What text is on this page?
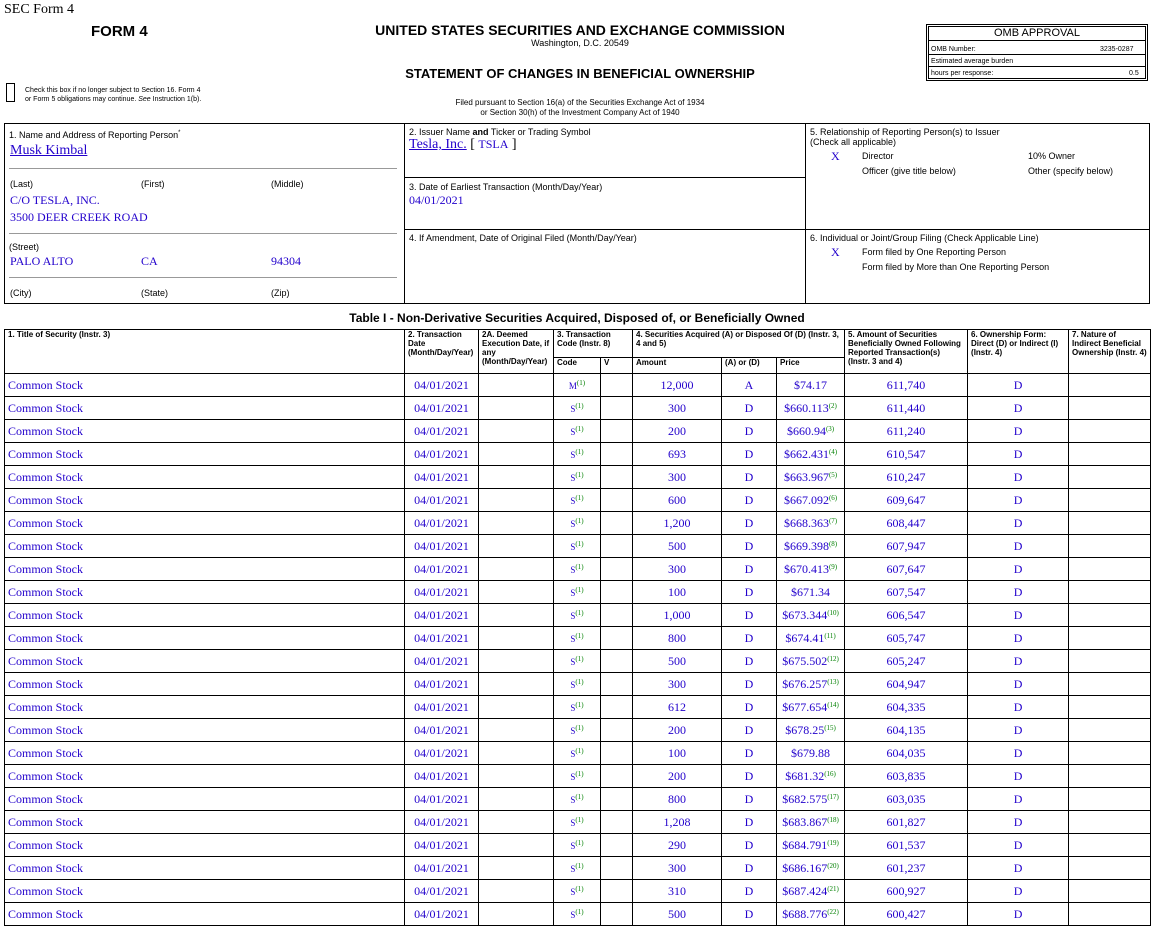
SEC Form 4
FORM 4	UNITED STATES SECURITIES AND EXCHANGE COMMISSION
Washington, D.C. 20549
STATEMENT OF CHANGES IN BENEFICIAL OWNERSHIP
Check this box if no longer subject to Section 16. Form 4
or Form 5 obligations may continue. See Instruction 1(b).	Filed pursuant to Section 16(a) of the Securities Exchange Act of 1934
or Section 30(h) of the Investment Company Act of 1940
OMB APPROVAL
OMB Number:	3235-0287
Estimated average burden
hours per response:	0.5
1. Name and Address of Reporting Person*
Musk Kimbal
(Last)	(First)	(Middle)
C/O TESLA, INC.
3500 DEER CREEK ROAD
(Street)
PALO ALTO	CA	94304
(City)	(State)	(Zip)
2. Issuer Name and Ticker or Trading Symbol
Tesla, Inc. [ TSLA ]
3. Date of Earliest Transaction (Month/Day/Year)
04/01/2021
4. If Amendment, Date of Original Filed (Month/Day/Year)
5. Relationship of Reporting Person(s) to Issuer
(Check all applicable)
X Director	10% Owner
Officer (give title below)	Other (specify below)
6. Individual or Joint/Group Filing (Check Applicable Line)
X Form filed by One Reporting Person
Form filed by More than One Reporting Person
Table I - Non-Derivative Securities Acquired, Disposed of, or Beneficially Owned
1. Title of Security (Instr. 3)	2. Transaction Date (Month/Day/Year)	2A. Deemed Execution Date, if any (Month/Day/Year)	3. Transaction Code (Instr. 8)		4. Securities Acquired (A) or Disposed Of (D) (Instr. 3, 4 and 5)			5. Amount of Securities Beneficially Owned Following Reported Transaction(s) (Instr. 3 and 4)	6. Ownership Form: Direct (D) or Indirect (I) (Instr. 4)	7. Nature of Indirect Beneficial Ownership (Instr. 4)
			Code	V	Amount	(A) or (D)	Price			
Common Stock	04/01/2021		$M^{(1)}$		12,000	A	$74.17	611,740	D	
Common Stock	04/01/2021		$S^{(1)}$		300	D	$660.113$^{(2)}$	611,440	D	
Common Stock	04/01/2021		$S^{(1)}$		200	D	$660.94$^{(3)}$	611,240	D	
Common Stock	04/01/2021		$S^{(1)}$		693	D	$662.431$^{(4)}$	610,547	D	
Common Stock	04/01/2021		$S^{(1)}$		300	D	$663.967$^{(5)}$	610,247	D	
Common Stock	04/01/2021		$S^{(1)}$		600	D	$667.092$^{(6)}$	609,647	D	
Common Stock	04/01/2021		$S^{(1)}$		1,200	D	$668.363$^{(7)}$	608,447	D	
Common Stock	04/01/2021		$S^{(1)}$		500	D	$669.398$^{(8)}$	607,947	D	
Common Stock	04/01/2021		$S^{(1)}$		300	D	$670.413$^{(9)}$	607,647	D	
Common Stock	04/01/2021		$S^{(1)}$		100	D	$671.34	607,547	D	
Common Stock	04/01/2021		$S^{(1)}$		1,000	D	$673.344$^{(10)}$	606,547	D	
Common Stock	04/01/2021		$S^{(1)}$		800	D	$674.41$^{(11)}$	605,747	D	
Common Stock	04/01/2021		$S^{(1)}$		500	D	$675.502$^{(12)}$	605,247	D	
Common Stock	04/01/2021		$S^{(1)}$		300	D	$676.257$^{(13)}$	604,947	D	
Common Stock	04/01/2021		$S^{(1)}$		612	D	$677.654$^{(14)}$	604,335	D	
Common Stock	04/01/2021		$S^{(1)}$		200	D	$678.25$^{(15)}$	604,135	D	
Common Stock	04/01/2021		$S^{(1)}$		100	D	$679.88	604,035	D	
Common Stock	04/01/2021		$S^{(1)}$		200	D	$681.32$^{(16)}$	603,835	D	
Common Stock	04/01/2021		$S^{(1)}$		800	D	$682.575$^{(17)}$	603,035	D	
Common Stock	04/01/2021		$S^{(1)}$		1,208	D	$683.867$^{(18)}$	601,827	D	
Common Stock	04/01/2021		$S^{(1)}$		290	D	$684.791$^{(19)}$	601,537	D	
Common Stock	04/01/2021		$S^{(1)}$		300	D	$686.167$^{(20)}$	601,237	D	
Common Stock	04/01/2021		$S^{(1)}$		310	D	$687.424$^{(21)}$	600,927	D	
Common Stock	04/01/2021		$S^{(1)}$		500	D	$688.776$^{(22)}$	600,427	D	
